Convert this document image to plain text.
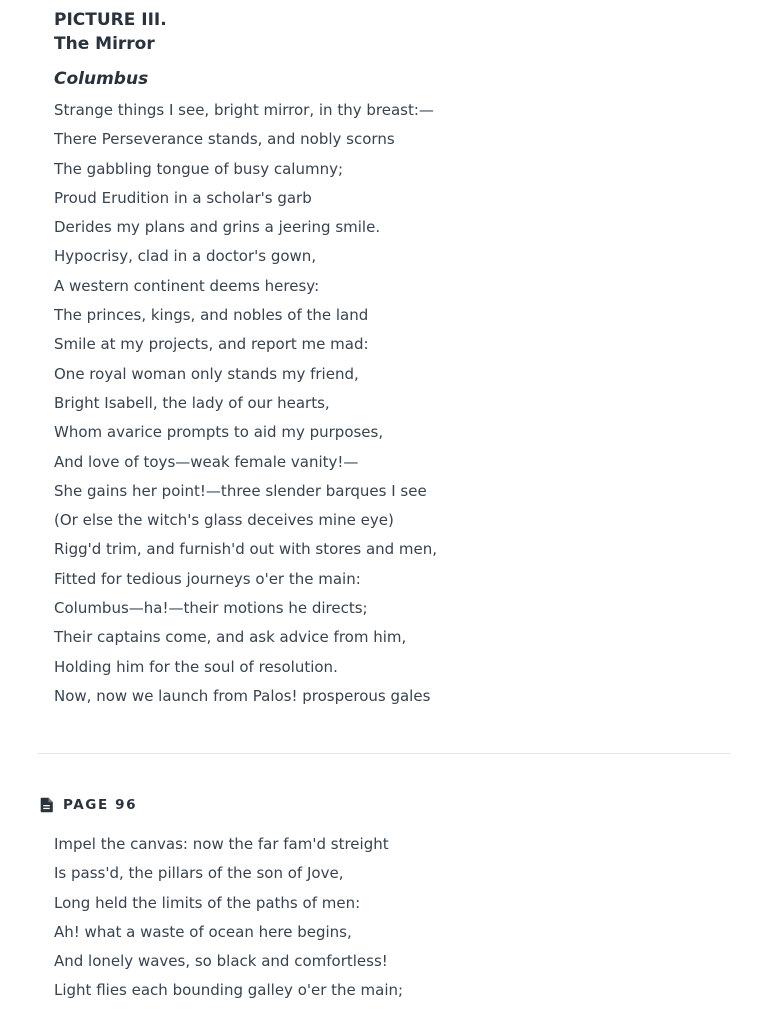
PICTURE III.
The Mirror
Columbus
Strange things I see, bright mirror, in thy breast:—
There Perseverance stands, and nobly scorns
The gabbling tongue of busy calumny;
Proud Erudition in a scholar's garb
Derides my plans and grins a jeering smile.
Hypocrisy, clad in a doctor's gown,
A western continent deems heresy:
The princes, kings, and nobles of the land
Smile at my projects, and report me mad:
One royal woman only stands my friend,
Bright Isabell, the lady of our hearts,
Whom avarice prompts to aid my purposes,
And love of toys—weak female vanity!—
She gains her point!—three slender barques I see
(Or else the witch's glass deceives mine eye)
Rigg'd trim, and furnish'd out with stores and men,
Fitted for tedious journeys o'er the main:
Columbus—ha!—their motions he directs;
Their captains come, and ask advice from him,
Holding him for the soul of resolution.
Now, now we launch from Palos! prosperous gales
PAGE 96
Impel the canvas: now the far fam'd streight
Is pass'd, the pillars of the son of Jove,
Long held the limits of the paths of men:
Ah! what a waste of ocean here begins,
And lonely waves, so black and comfortless!
Light flies each bounding galley o'er the main;
